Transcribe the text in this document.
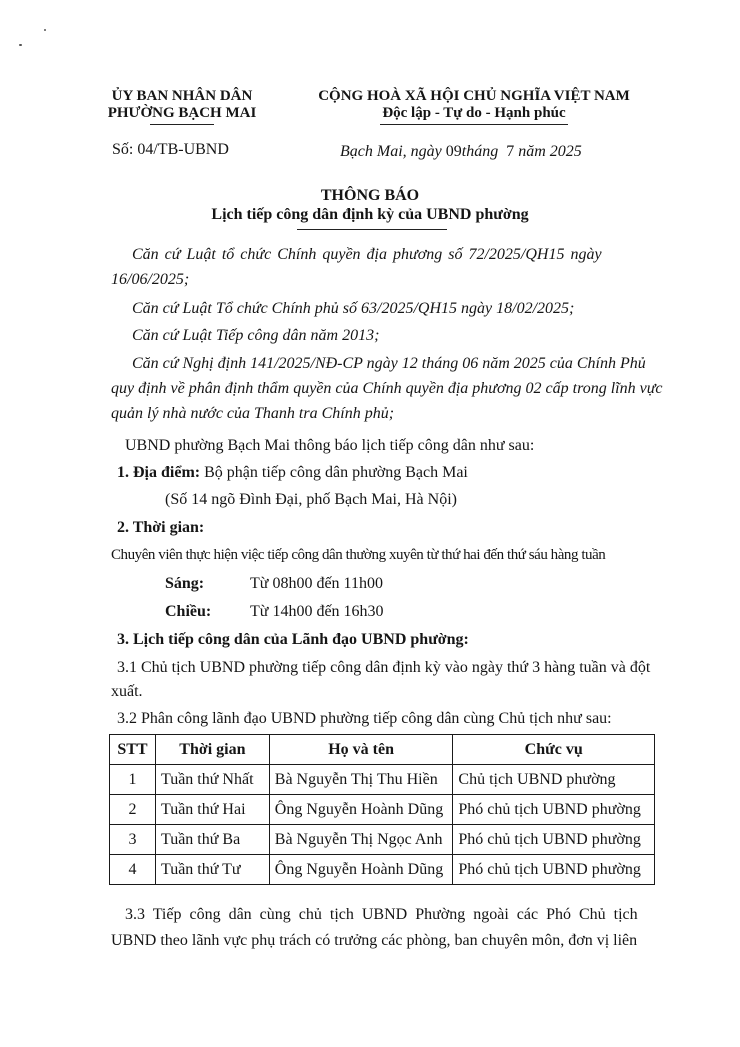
ỦY BAN NHÂN DÂN
PHƯỜNG BẠCH MAI
CỘNG HOÀ XÃ HỘI CHỦ NGHĨA VIỆT NAM
Độc lập - Tự do - Hạnh phúc
Số: 04/TB-UBND	Bạch Mai, ngày 09tháng 7 năm 2025
THÔNG BÁO
Lịch tiếp công dân định kỳ của UBND phường
Căn cứ Luật tổ chức Chính quyền địa phương số 72/2025/QH15 ngày
16/06/2025;
Căn cứ Luật Tổ chức Chính phủ số 63/2025/QH15 ngày 18/02/2025;
Căn cứ Luật Tiếp công dân năm 2013;
Căn cứ Nghị định 141/2025/NĐ-CP ngày 12 tháng 06 năm 2025 của Chính Phủ
quy định về phân định thẩm quyền của Chính quyền địa phương 02 cấp trong lĩnh vực
quản lý nhà nước của Thanh tra Chính phủ;
UBND phường Bạch Mai thông báo lịch tiếp công dân như sau:
1. Địa điểm: Bộ phận tiếp công dân phường Bạch Mai
(Số 14 ngõ Đình Đại, phố Bạch Mai, Hà Nội)
2. Thời gian:
Chuyên viên thực hiện việc tiếp công dân thường xuyên từ thứ hai đến thứ sáu hàng tuần
Sáng:	Từ 08h00 đến 11h00
Chiều: Từ 14h00 đến 16h30
3. Lịch tiếp công dân của Lãnh đạo UBND phường:
3.1 Chủ tịch UBND phường tiếp công dân định kỳ vào ngày thứ 3 hàng tuần và đột
xuất.
3.2 Phân công lãnh đạo UBND phường tiếp công dân cùng Chủ tịch như sau:
STT	Thời gian	Họ và tên	Chức vụ
1	Tuần thứ Nhất	Bà Nguyễn Thị Thu Hiền	Chủ tịch UBND phường
2	Tuần thứ Hai	Ông Nguyễn Hoành Dũng	Phó chủ tịch UBND phường
3	Tuần thứ Ba	Bà Nguyễn Thị Ngọc Anh	Phó chủ tịch UBND phường
4	Tuần thứ Tư	Ông Nguyễn Hoành Dũng	Phó chủ tịch UBND phường
3.3 Tiếp công dân cùng chủ tịch UBND Phường ngoài các Phó Chủ tịch
UBND theo lãnh vực phụ trách có trưởng các phòng, ban chuyên môn, đơn vị liên
